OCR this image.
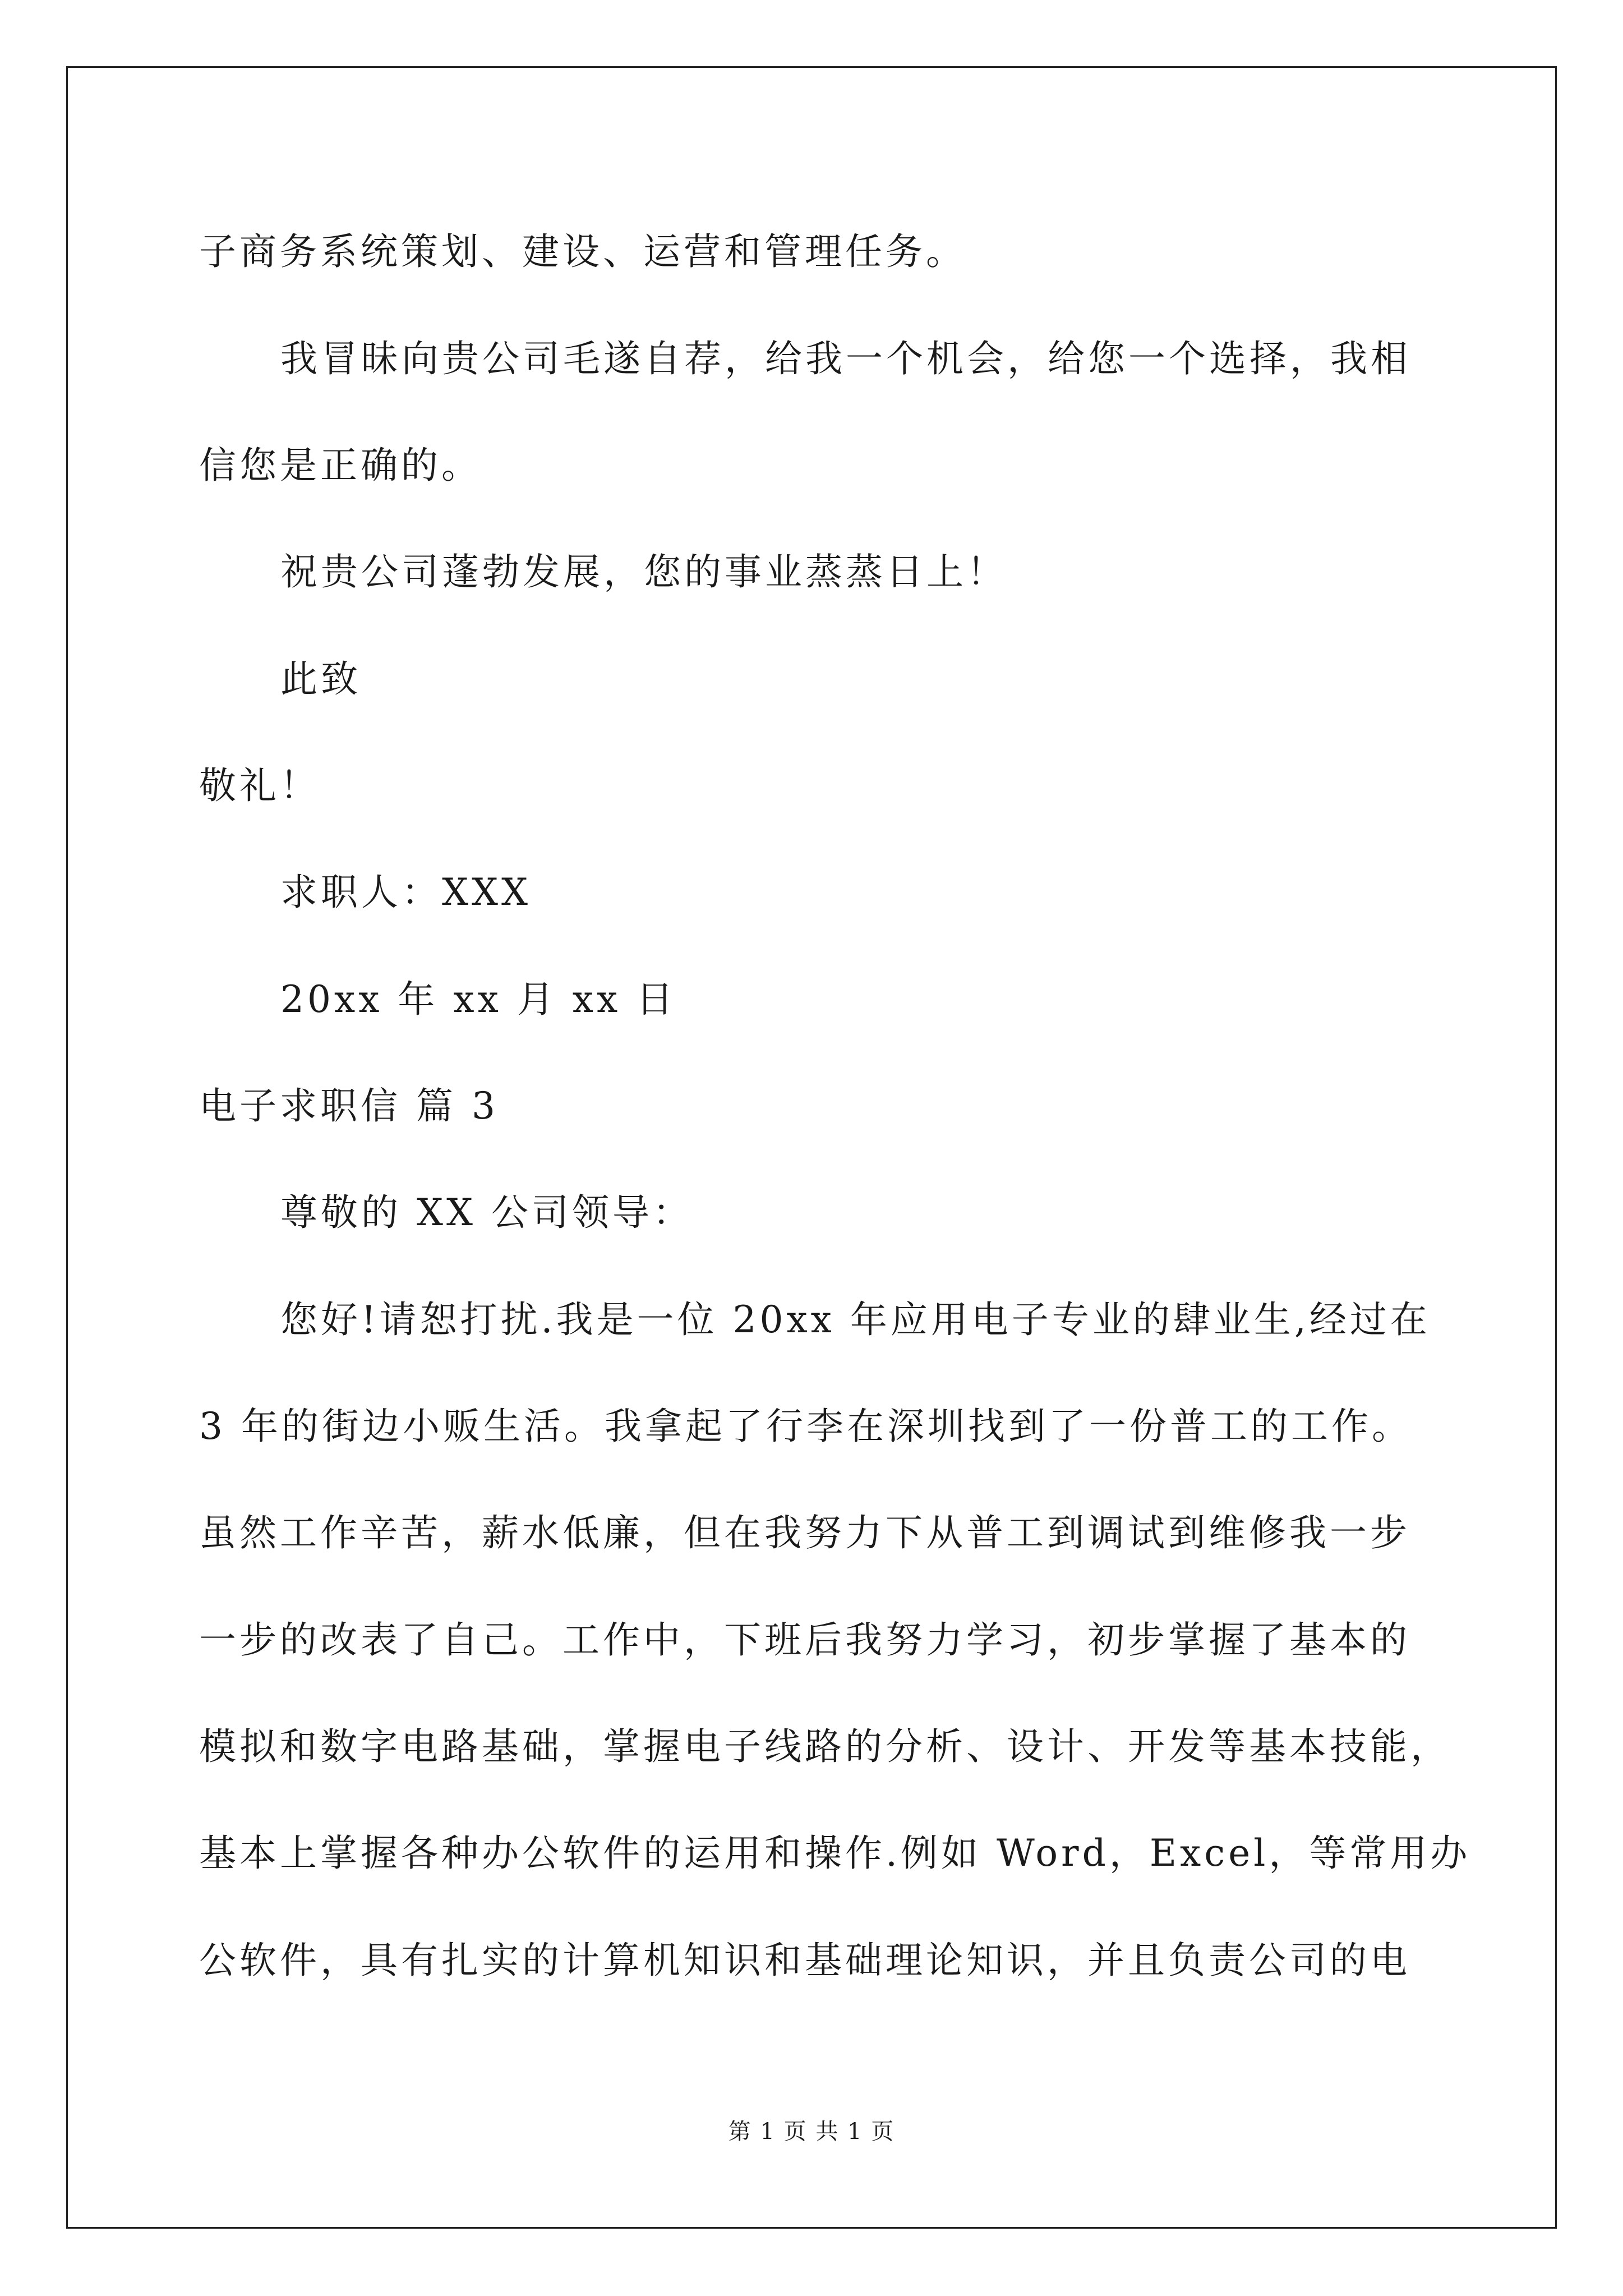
子商务系统策划、建设、运营和管理任务。
我冒昧向贵公司毛遂自荐，给我一个机会，给您一个选择，我相
信您是正确的。
祝贵公司蓬勃发展，您的事业蒸蒸日上！
此致
敬礼！
求职人：XXX
20xx 年 xx 月 xx 日
电子求职信 篇 3
尊敬的 XX 公司领导：
您好!请恕打扰.我是一位 20xx 年应用电子专业的肆业生,经过在
3 年的街边小贩生活。我拿起了行李在深圳找到了一份普工的工作。
虽然工作辛苦，薪水低廉，但在我努力下从普工到调试到维修我一步
一步的改表了自己。工作中，下班后我努力学习，初步掌握了基本的
模拟和数字电路基础，掌握电子线路的分析、设计、开发等基本技能，
基本上掌握各种办公软件的运用和操作.例如 Word，Excel，等常用办
公软件，具有扎实的计算机知识和基础理论知识，并且负责公司的电
第 1 页 共 1 页
